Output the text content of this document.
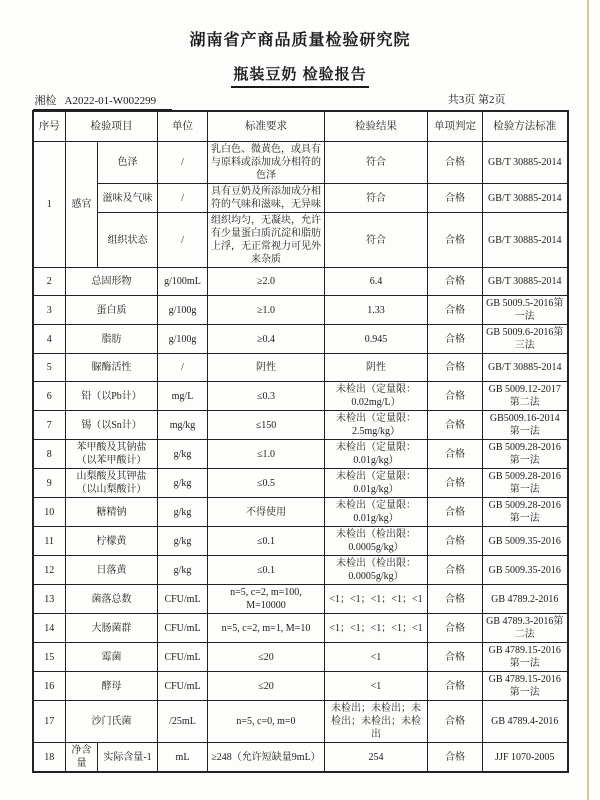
湖南省产商品质量检验研究院
瓶装豆奶 检验报告
湘检 A2022-01-W002299	共3页 第2页
序号	检验项目		单位	标准要求	检验结果	单项判定	检验方法标准
1	感官	色泽	/	乳白色、微黄色，或具有与原料或添加成分相符的色泽	符合	合格	GB/T 30885-2014
		滋味及气味	/	具有豆奶及所添加成分相符的气味和滋味，无异味	符合	合格	GB/T 30885-2014
		组织状态	/	组织均匀，无凝块，允许有少量蛋白质沉淀和脂肪上浮，无正常视力可见外来杂质	符合	合格	GB/T 30885-2014
2	总固形物		g/100mL	≥2.0	6.4	合格	GB/T 30885-2014
3	蛋白质		g/100g	≥1.0	1.33	合格	GB 5009.5-2016第一法
4	脂肪		g/100g	≥0.4	0.945	合格	GB 5009.6-2016第三法
5	脲酶活性		/	阴性	阴性	合格	GB/T 30885-2014
6	铅（以Pb计）		mg/L	≤0.3	未检出（定量限：0.02mg/L）	合格	GB 5009.12-2017 第二法
7	锡（以Sn计）		mg/kg	≤150	未检出（定量限：2.5mg/kg）	合格	GB5009.16-2014第一法
8	苯甲酸及其钠盐（以苯甲酸计）		g/kg	≤1.0	未检出（定量限：0.01g/kg）	合格	GB 5009.28-2016 第一法
9	山梨酸及其钾盐（以山梨酸计）		g/kg	≤0.5	未检出（定量限：0.01g/kg）	合格	GB 5009.28-2016 第一法
10	糖精钠		g/kg	不得使用	未检出（定量限：0.01g/kg）	合格	GB 5009.28-2016 第一法
11	柠檬黄		g/kg	≤0.1	未检出（检出限：0.0005g/kg）	合格	GB 5009.35-2016
12	日落黄		g/kg	≤0.1	未检出（检出限：0.0005g/kg）	合格	GB 5009.35-2016
13	菌落总数		CFU/mL	n=5, c=2, m=100, M=10000	<1；<1；<1；<1；<1	合格	GB 4789.2-2016
14	大肠菌群		CFU/mL	n=5, c=2, m=1, M=10	<1；<1；<1；<1；<1	合格	GB 4789.3-2016第二法
15	霉菌		CFU/mL	≤20	<1	合格	GB 4789.15-2016第一法
16	酵母		CFU/mL	≤20	<1	合格	GB 4789.15-2016第一法
17	沙门氏菌		/25mL	n=5, c=0, m=0	未检出；未检出；未检出；未检出；未检出	合格	GB 4789.4-2016
18	净含量	实际含量-1	mL	≥248（允许短缺量9mL）	254	合格	JJF 1070-2005
